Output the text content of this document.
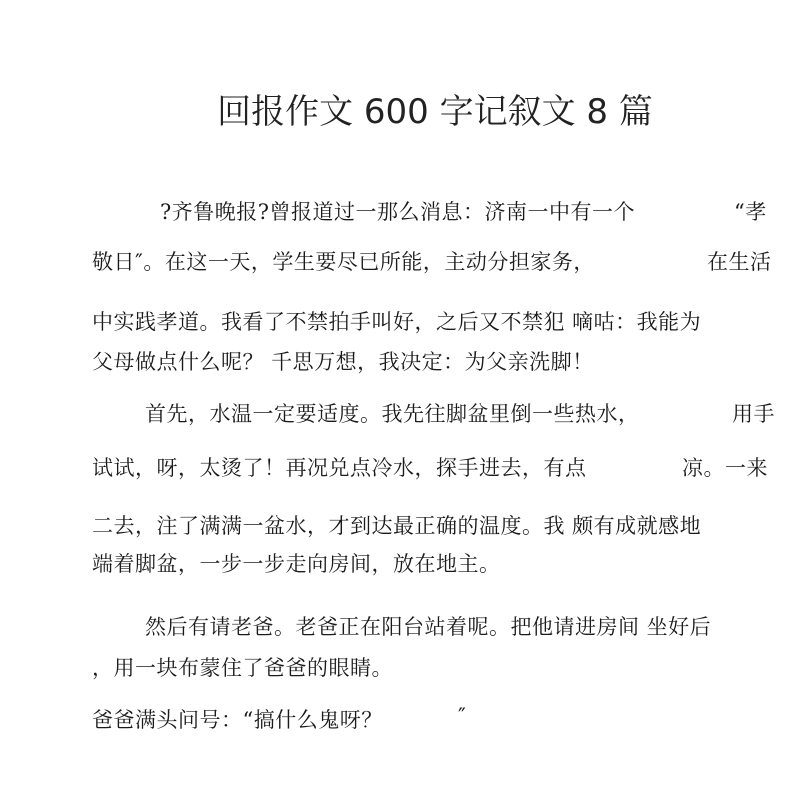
回报作文 600 字记叙文 8 篇
?齐鲁晚报?曾报道过一那么消息：济南一中有一个	“孝
敬日″。在这一天，学生要尽已所能，主动分担家务，	在生活
中实践孝道。我看了不禁拍手叫好，之后又不禁犯 嘀咕：我能为
父母做点什么呢？ 千思万想，我决定：为父亲洗脚！
首先，水温一定要适度。我先往脚盆里倒一些热水，	用手
试试，呀，太烫了！再况兑点冷水，探手进去，有点	凉。一来
二去，注了满满一盆水，才到达最正确的温度。我 颇有成就感地
端着脚盆，一步一步走向房间，放在地主。
然后有请老爸。老爸正在阳台站着呢。把他请进房间 坐好后
，用一块布蒙住了爸爸的眼睛。
爸爸满头问号：“搞什么鬼呀？	″
